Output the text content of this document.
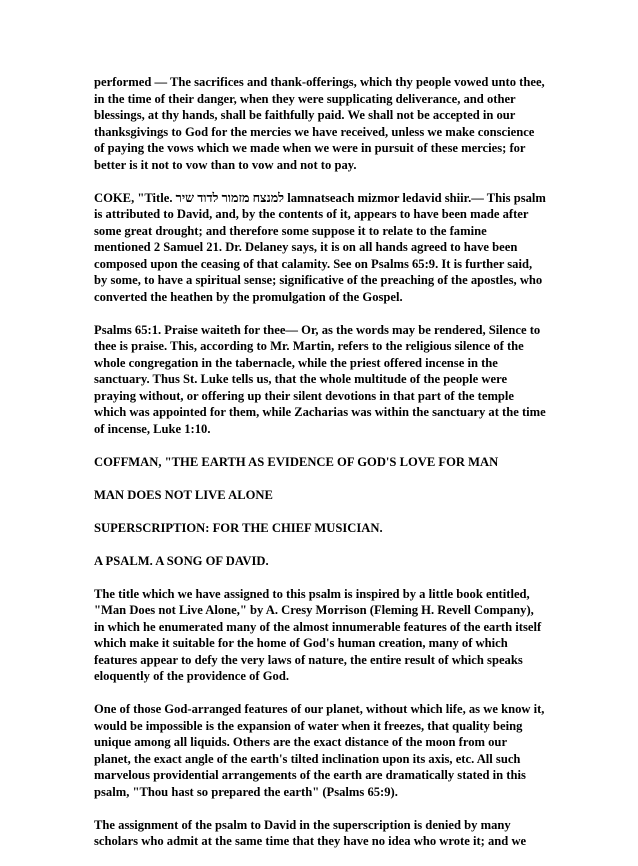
performed — The sacrifices and thank-offerings, which thy people vowed unto thee, in the time of their danger, when they were supplicating deliverance, and other blessings, at thy hands, shall be faithfully paid. We shall not be accepted in our thanksgivings to God for the mercies we have received, unless we make conscience of paying the vows which we made when we were in pursuit of these mercies; for better is it not to vow than to vow and not to pay.

COKE, "Title. למנצח מזמור לדוד שיר lamnatseach mizmor ledavid shiir.— This psalm is attributed to David, and, by the contents of it, appears to have been made after some great drought; and therefore some suppose it to relate to the famine mentioned 2 Samuel 21. Dr. Delaney says, it is on all hands agreed to have been composed upon the ceasing of that calamity. See on Psalms 65:9. It is further said, by some, to have a spiritual sense; significative of the preaching of the apostles, who converted the heathen by the promulgation of the Gospel.

Psalms 65:1. Praise waiteth for thee— Or, as the words may be rendered, Silence to thee is praise. This, according to Mr. Martin, refers to the religious silence of the whole congregation in the tabernacle, while the priest offered incense in the sanctuary. Thus St. Luke tells us, that the whole multitude of the people were praying without, or offering up their silent devotions in that part of the temple which was appointed for them, while Zacharias was within the sanctuary at the time of incense, Luke 1:10.

COFFMAN, "THE EARTH AS EVIDENCE OF GOD'S LOVE FOR MAN

MAN DOES NOT LIVE ALONE

SUPERSCRIPTION: FOR THE CHIEF MUSICIAN.

A PSALM. A SONG OF DAVID.

The title which we have assigned to this psalm is inspired by a little book entitled, "Man Does not Live Alone," by A. Cresy Morrison (Fleming H. Revell Company), in which he enumerated many of the almost innumerable features of the earth itself which make it suitable for the home of God's human creation, many of which features appear to defy the very laws of nature, the entire result of which speaks eloquently of the providence of God.

One of those God-arranged features of our planet, without which life, as we know it, would be impossible is the expansion of water when it freezes, that quality being unique among all liquids. Others are the exact distance of the moon from our planet, the exact angle of the earth's tilted inclination upon its axis, etc. All such marvelous providential arrangements of the earth are dramatically stated in this psalm, "Thou hast so prepared the earth" (Psalms 65:9).

The assignment of the psalm to David in the superscription is denied by many scholars who admit at the same time that they have no idea who wrote it; and we
